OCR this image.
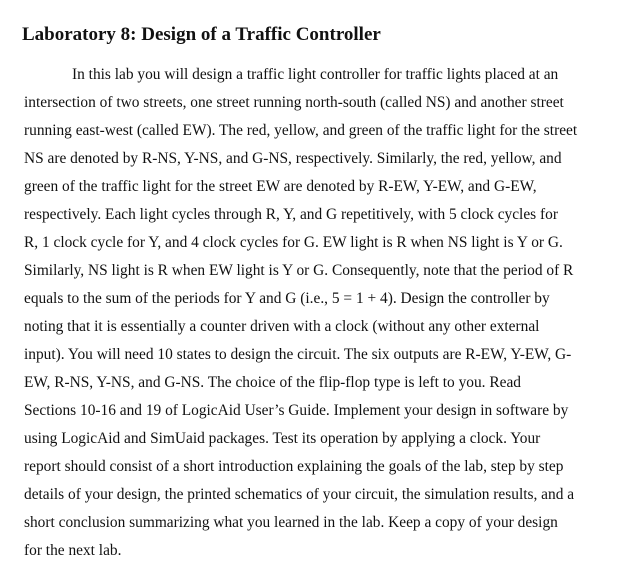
Laboratory 8: Design of a Traffic Controller
In this lab you will design a traffic light controller for traffic lights placed at an
intersection of two streets, one street running north-south (called NS) and another street
running east-west (called EW). The red, yellow, and green of the traffic light for the street
NS are denoted by R-NS, Y-NS, and G-NS, respectively. Similarly, the red, yellow, and
green of the traffic light for the street EW are denoted by R-EW, Y-EW, and G-EW,
respectively. Each light cycles through R, Y, and G repetitively, with 5 clock cycles for
R, 1 clock cycle for Y, and 4 clock cycles for G. EW light is R when NS light is Y or G.
Similarly, NS light is R when EW light is Y or G. Consequently, note that the period of R
equals to the sum of the periods for Y and G (i.e., 5 = 1 + 4). Design the controller by
noting that it is essentially a counter driven with a clock (without any other external
input). You will need 10 states to design the circuit. The six outputs are R-EW, Y-EW, G-
EW, R-NS, Y-NS, and G-NS. The choice of the flip-flop type is left to you. Read
Sections 10-16 and 19 of LogicAid User’s Guide. Implement your design in software by
using LogicAid and SimUaid packages. Test its operation by applying a clock. Your
report should consist of a short introduction explaining the goals of the lab, step by step
details of your design, the printed schematics of your circuit, the simulation results, and a
short conclusion summarizing what you learned in the lab. Keep a copy of your design
for the next lab.
